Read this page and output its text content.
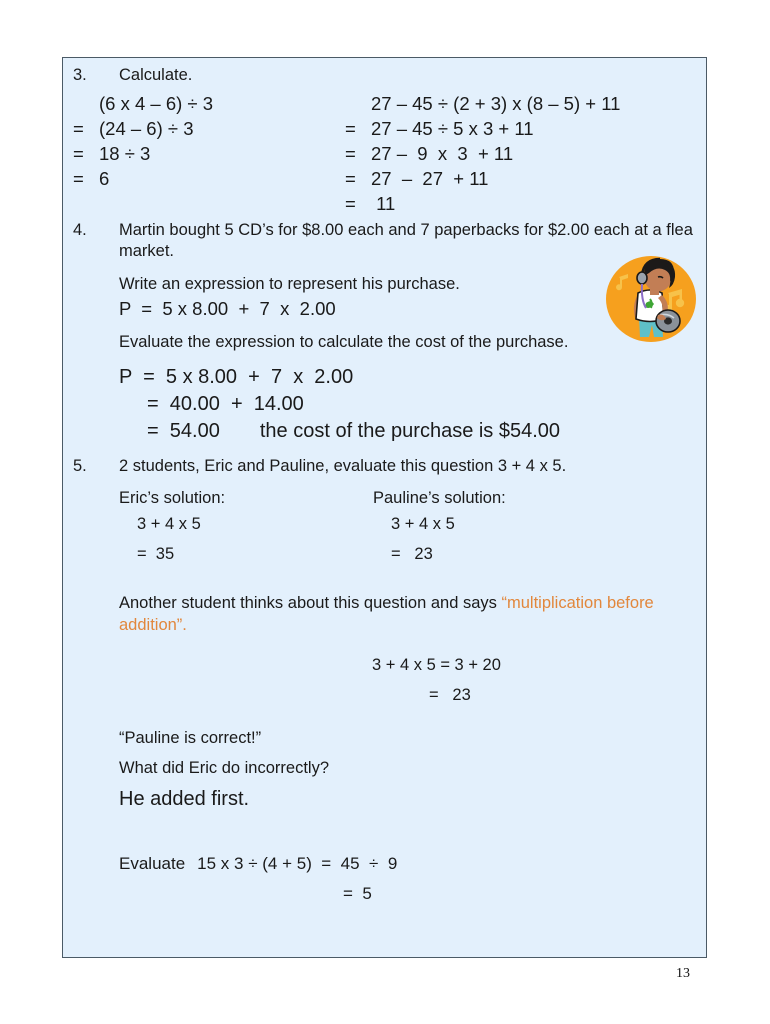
3. Calculate.
(6 x 4 – 6) ÷ 3
= (24 – 6) ÷ 3
= 18 ÷ 3
= 6
27 – 45 ÷ (2 + 3) x (8 – 5) + 11
= 27 – 45 ÷ 5 x 3 + 11
= 27 –  9  x  3  + 11
= 27  –  27  + 11
= 11
4. Martin bought 5 CD’s for $8.00 each and 7 paperbacks for $2.00 each at a flea market.
Write an expression to represent his purchase.
P  =  5 x 8.00  +  7  x  2.00
Evaluate the expression to calculate the cost of the purchase.
P  =  5 x 8.00  +  7  x  2.00
=  40.00  +  14.00
=  54.00 the cost of the purchase is $54.00
5. 2 students, Eric and Pauline, evaluate this question 3 + 4 x 5.
Eric’s solution:
3 + 4 x 5
=  35
Pauline’s solution:
3 + 4 x 5
=   23
Another student thinks about this question and says “multiplication before addition”.
3 + 4 x 5 = 3 + 20
=   23
“Pauline is correct!”
What did Eric do incorrectly?
He added first.
Evaluate 15 x 3 ÷ (4 + 5)  =  45  ÷  9
=  5
13
